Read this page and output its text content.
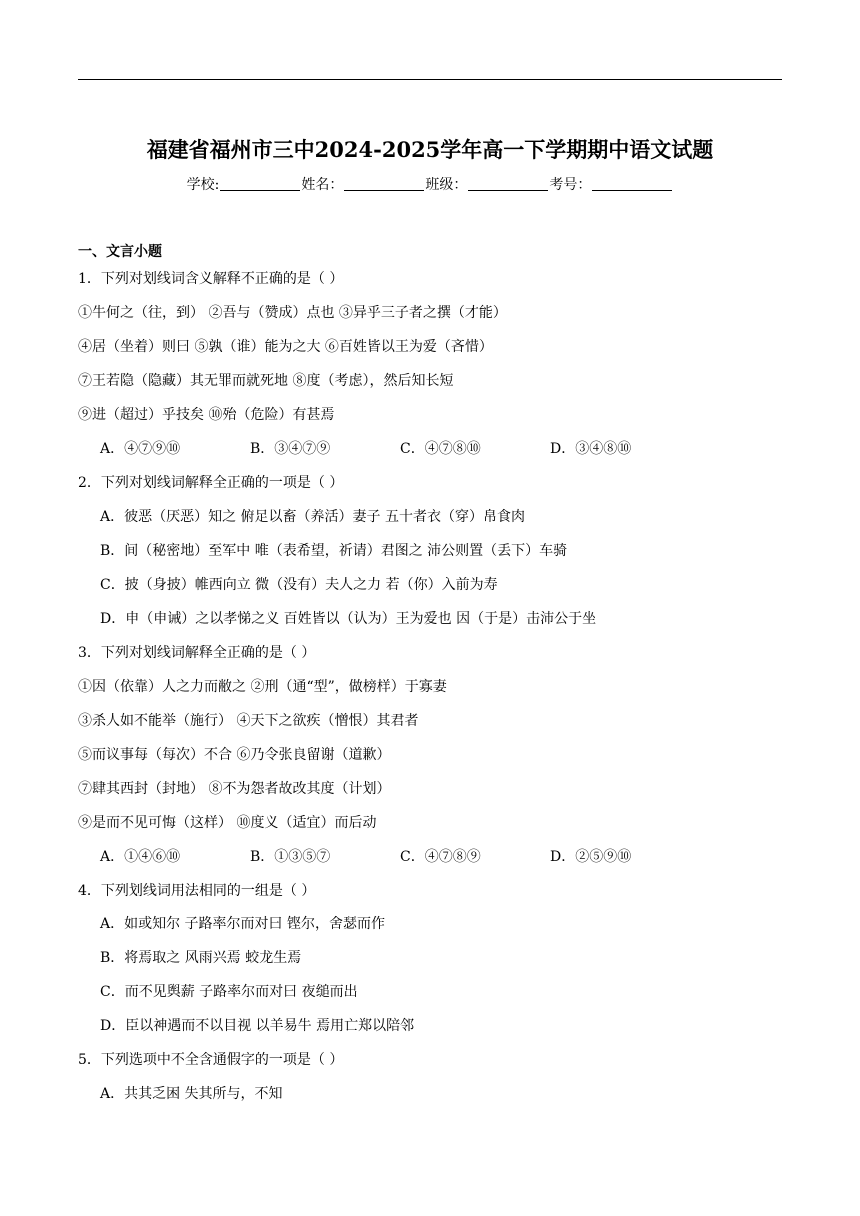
福建省福州市三中2024-2025学年高一下学期期中语文试题
学校:	姓名：	班级：	考号：
一、文言小题
1．下列对划线词含义解释不正确的是（ ）
①牛何之（往，到） ②吾与（赞成）点也 ③异乎三子者之撰（才能）
④居（坐着）则曰 ⑤孰（谁）能为之大 ⑥百姓皆以王为爱（吝惜）
⑦王若隐（隐藏）其无罪而就死地 ⑧度（考虑），然后知长短
⑨进（超过）乎技矣 ⑩殆（危险）有甚焉
A．④⑦⑨⑩	B．③④⑦⑨	C．④⑦⑧⑩	D．③④⑧⑩
2．下列对划线词解释全正确的一项是（ ）
A．彼恶（厌恶）知之 俯足以畜（养活）妻子 五十者衣（穿）帛食肉
B．间（秘密地）至军中 唯（表希望，祈请）君图之 沛公则置（丢下）车骑
C．披（身披）帷西向立 微（没有）夫人之力 若（你）入前为寿
D．申（申诫）之以孝悌之义 百姓皆以（认为）王为爱也 因（于是）击沛公于坐
3．下列对划线词解释全正确的是（ ）
①因（依靠）人之力而敝之 ②刑（通“型”，做榜样）于寡妻
③杀人如不能举（施行） ④天下之欲疾（憎恨）其君者
⑤而议事每（每次）不合 ⑥乃令张良留谢（道歉）
⑦肆其西封（封地） ⑧不为怨者故改其度（计划）
⑨是而不见可悔（这样） ⑩度义（适宜）而后动
A．①④⑥⑩	B．①③⑤⑦	C．④⑦⑧⑨	D．②⑤⑨⑩
4．下列划线词用法相同的一组是（ ）
A．如或知尔 子路率尔而对曰 铿尔，舍瑟而作
B．将焉取之 风雨兴焉 蛟龙生焉
C．而不见舆薪 子路率尔而对曰 夜缒而出
D．臣以神遇而不以目视 以羊易牛 焉用亡郑以陪邻
5．下列选项中不全含通假字的一项是（ ）
A．共其乏困 失其所与，不知
